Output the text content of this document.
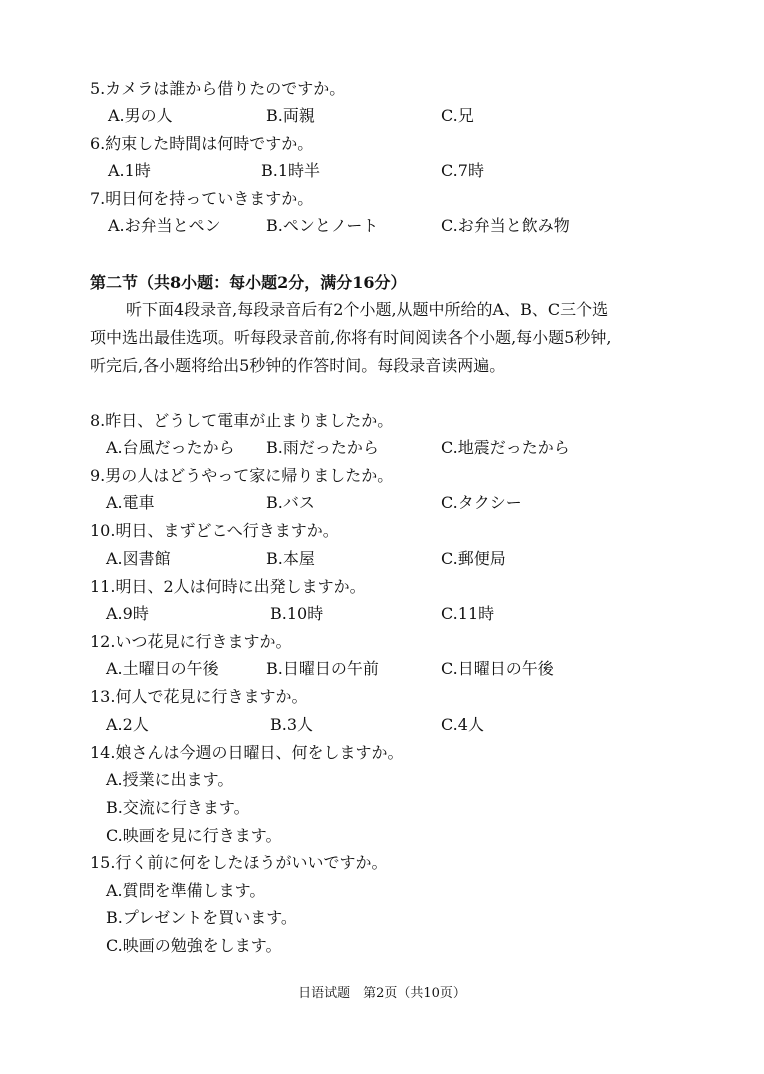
5.カメラは誰から借りたのですか。
A.男の人	B.両親	C.兄
6.約束した時間は何時ですか。
A.1時	B.1時半	C.7時
7.明日何を持っていきますか。
A.お弁当とペン	B.ペンとノート	C.お弁当と飲み物
第二节（共8小题：每小题2分，满分16分）
听下面4段录音,每段录音后有2个小题,从题中所给的A、B、C三个选
项中选出最佳选项。听每段录音前,你将有时间阅读各个小题,每小题5秒钟,
听完后,各小题将给出5秒钟的作答时间。每段录音读两遍。
8.昨日、どうして電車が止まりましたか。
A.台風だったから B.雨だったから	C.地震だったから
9.男の人はどうやって家に帰りましたか。
A.電車	B.バス	C.タクシー
10.明日、まずどこへ行きますか。
A.図書館	B.本屋	C.郵便局
11.明日、2人は何時に出発しますか。
A.9時	B.10時	C.11時
12.いつ花見に行きますか。
A.土曜日の午後	B.日曜日の午前	C.日曜日の午後
13.何人で花見に行きますか。
A.2人	B.3人	C.4人
14.娘さんは今週の日曜日、何をしますか。
A.授業に出ます。
B.交流に行きます。
C.映画を見に行きます。
15.行く前に何をしたほうがいいですか。
A.質問を準備します。
B.プレゼントを買います。
C.映画の勉強をします。
日语试题　第2页（共10页）
